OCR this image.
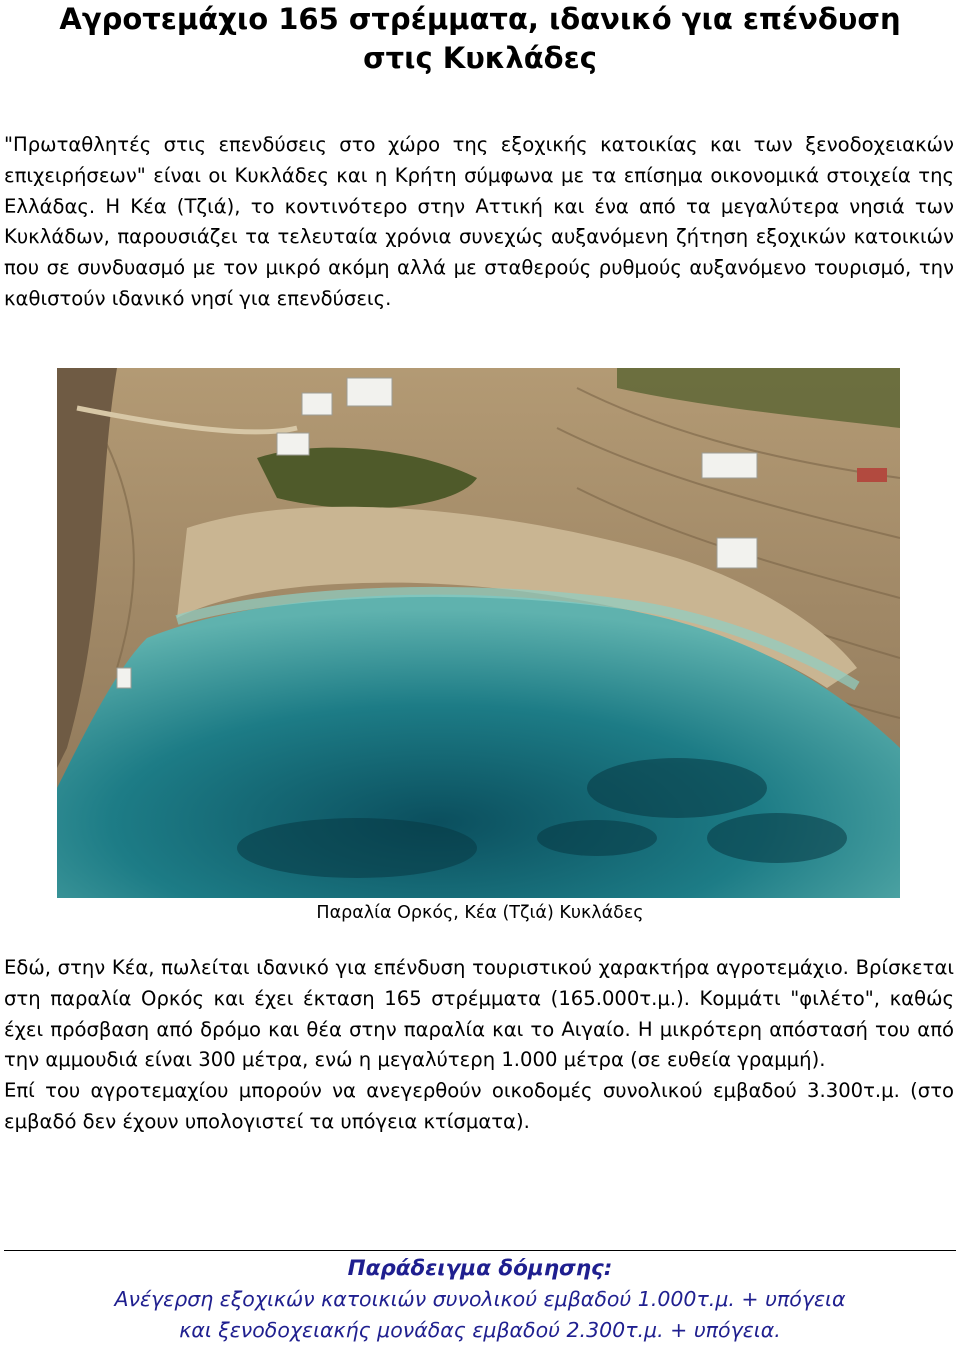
Αγροτεμάχιο 165 στρέμματα, ιδανικό για επένδυση
στις Κυκλάδες

"Πρωταθλητές στις επενδύσεις στο χώρο της εξοχικής κατοικίας και των ξενοδοχειακών επιχειρήσεων" είναι οι Κυκλάδες και η Κρήτη σύμφωνα με τα επίσημα οικονομικά στοιχεία της Ελλάδας. Η Κέα (Τζιά), το κοντινότερο στην Αττική και ένα από τα μεγαλύτερα νησιά των Κυκλάδων, παρουσιάζει τα τελευταία χρόνια συνεχώς αυξανόμενη ζήτηση εξοχικών κατοικιών που σε συνδυασμό με τον μικρό ακόμη αλλά με σταθερούς ρυθμούς αυξανόμενο τουρισμό, την καθιστούν ιδανικό νησί για επενδύσεις.

Παραλία Ορκός, Κέα (Τζιά) Κυκλάδες

Εδώ, στην Κέα, πωλείται ιδανικό για επένδυση τουριστικού χαρακτήρα αγροτεμάχιο. Βρίσκεται στη παραλία Ορκός και έχει έκταση 165 στρέμματα (165.000τ.μ.). Κομμάτι "φιλέτο", καθώς έχει πρόσβαση από δρόμο και θέα στην παραλία και το Αιγαίο. Η μικρότερη απόστασή του από την αμμουδιά είναι 300 μέτρα, ενώ η μεγαλύτερη 1.000 μέτρα (σε ευθεία γραμμή).

Επί του αγροτεμαχίου μπορούν να ανεγερθούν οικοδομές συνολικού εμβαδού 3.300τ.μ. (στο εμβαδό δεν έχουν υπολογιστεί τα υπόγεια κτίσματα).

Παράδειγμα δόμησης:

Ανέγερση εξοχικών κατοικιών συνολικού εμβαδού 1.000τ.μ. + υπόγεια

και ξενοδοχειακής μονάδας εμβαδού 2.300τ.μ. + υπόγεια.
